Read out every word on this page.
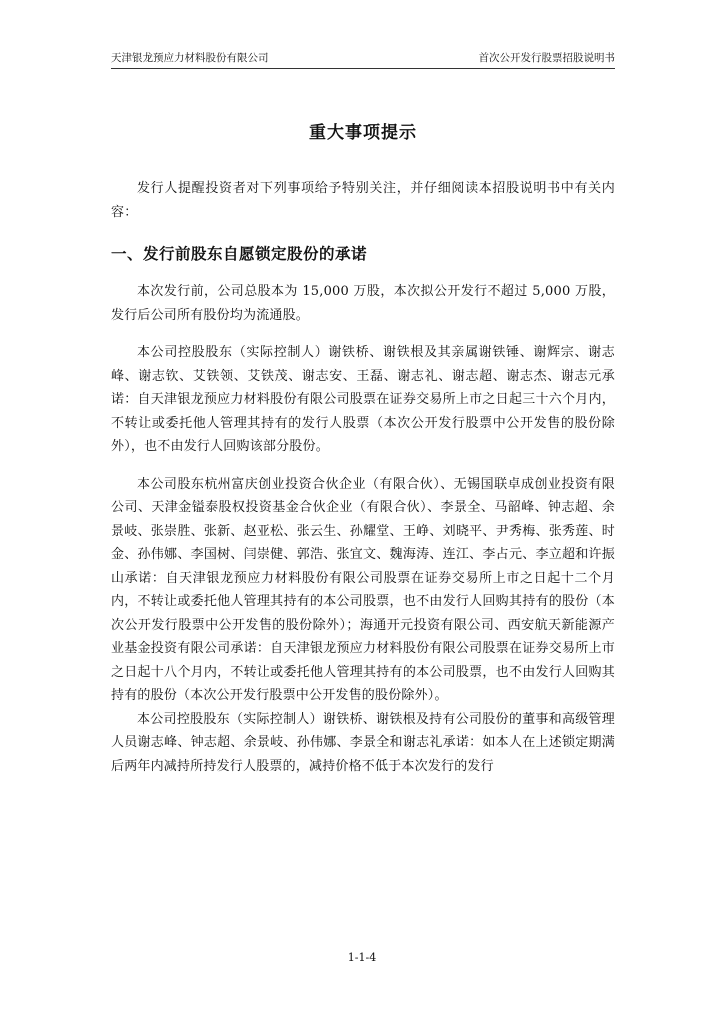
天津银龙预应力材料股份有限公司	首次公开发行股票招股说明书
重大事项提示

发行人提醒投资者对下列事项给予特别关注，并仔细阅读本招股说明书中有关内容：

一、发行前股东自愿锁定股份的承诺

本次发行前，公司总股本为 15,000 万股，本次拟公开发行不超过 5,000 万股，发行后公司所有股份均为流通股。

本公司控股股东（实际控制人）谢铁桥、谢铁根及其亲属谢铁锤、谢辉宗、谢志峰、谢志钦、艾铁领、艾铁茂、谢志安、王磊、谢志礼、谢志超、谢志杰、谢志元承诺：自天津银龙预应力材料股份有限公司股票在证券交易所上市之日起三十六个月内，不转让或委托他人管理其持有的发行人股票（本次公开发行股票中公开发售的股份除外），也不由发行人回购该部分股份。

本公司股东杭州富庆创业投资合伙企业（有限合伙）、无锡国联卓成创业投资有限公司、天津金镒泰股权投资基金合伙企业（有限合伙）、李景全、马韶峰、钟志超、余景岐、张崇胜、张新、赵亚松、张云生、孙耀堂、王峥、刘晓平、尹秀梅、张秀莲、时金、孙伟娜、李国树、闫崇健、郭浩、张宜文、魏海涛、连江、李占元、李立超和许振山承诺：自天津银龙预应力材料股份有限公司股票在证券交易所上市之日起十二个月内，不转让或委托他人管理其持有的本公司股票，也不由发行人回购其持有的股份（本次公开发行股票中公开发售的股份除外）；海通开元投资有限公司、西安航天新能源产业基金投资有限公司承诺：自天津银龙预应力材料股份有限公司股票在证券交易所上市之日起十八个月内，不转让或委托他人管理其持有的本公司股票，也不由发行人回购其持有的股份（本次公开发行股票中公开发售的股份除外）。

本公司控股股东（实际控制人）谢铁桥、谢铁根及持有公司股份的董事和高级管理人员谢志峰、钟志超、余景岐、孙伟娜、李景全和谢志礼承诺：如本人在上述锁定期满后两年内减持所持发行人股票的，减持价格不低于本次发行的发行

1-1-4
